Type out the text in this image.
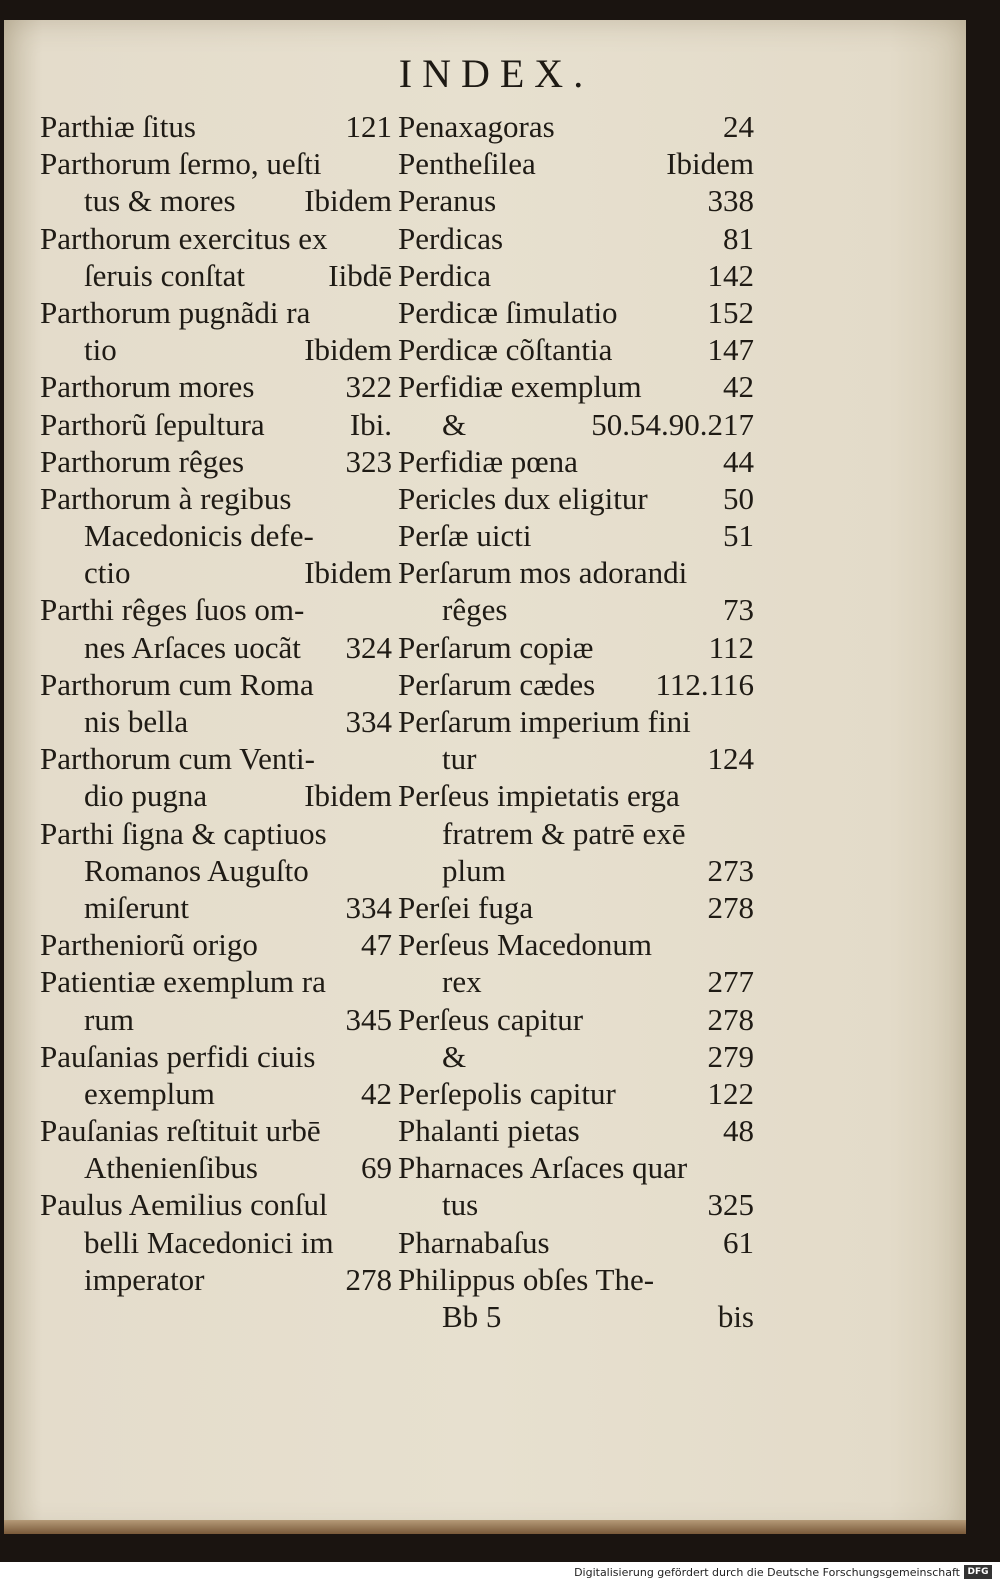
INDEX.
Parthiæ ſitus	121
Parthorum ſermo, ueſti
tus & mores Ibidem
Parthorum exercitus ex
ſeruis conſtat	Iibdē
Parthorum pugnãdi ra
tio	Ibidem
Parthorum mores	322
Parthorũ ſepultura	Ibi.
Parthorum rêges	323
Parthorum à regibus
Macedonicis defe-
ctio	Ibidem
Parthi rêges ſuos om-
nes Arſaces uocãt 324
Parthorum cum Roma
nis bella	334
Parthorum cum Venti-
dio pugna	Ibidem
Parthi ſigna & captiuos
Romanos Auguſto
miſerunt	334
Partheniorũ origo	47
Patientiæ exemplum ra
rum	345
Pauſanias perfidi ciuis
exemplum	42
Pauſanias reſtituit urbē
Athenienſibus	69
Paulus Aemilius conſul
belli Macedonici im
imperator	278
Penaxagoras	24
Pentheſilea	Ibidem
Peranus	338
Perdicas	81
Perdica	142
Perdicæ ſimulatio	152
Perdicæ cõſtantia	147
Perfidiæ exemplum	42
&	50.54.90.217
Perfidiæ pœna	44
Pericles dux eligitur 50
Perſæ uicti	51
Perſarum mos adorandi
rêges	73
Perſarum copiæ	112
Perſarum cædes 112.116
Perſarum imperium fini
tur	124
Perſeus impietatis erga
fratrem & patrē exē
plum	273
Perſei fuga	278
Perſeus Macedonum
rex	277
Perſeus capitur	278
&	279
Perſepolis capitur	122
Phalanti pietas	48
Pharnaces Arſaces quar
tus	325
Pharnabaſus	61
Philippus obſes The-
Bb 5	bis
Digitalisierung gefördert durch die Deutsche Forschungsgemeinschaft DFG
